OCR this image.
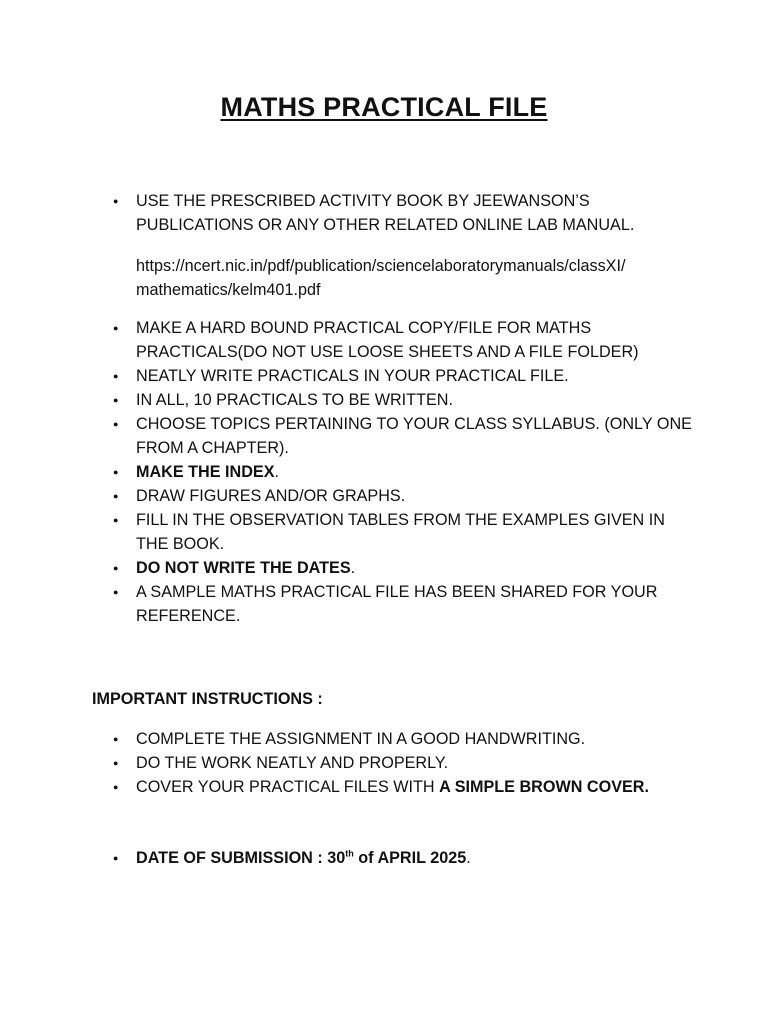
MATHS PRACTICAL FILE
● USE THE PRESCRIBED ACTIVITY BOOK BY JEEWANSON’S PUBLICATIONS OR ANY OTHER RELATED ONLINE LAB MANUAL.

https://ncert.nic.in/pdf/publication/sciencelaboratorymanuals/classXI/
mathematics/kelm401.pdf

● MAKE A HARD BOUND PRACTICAL COPY/FILE FOR MATHS PRACTICALS(DO NOT USE LOOSE SHEETS AND A FILE FOLDER)
● NEATLY WRITE PRACTICALS IN YOUR PRACTICAL FILE.
● IN ALL, 10 PRACTICALS TO BE WRITTEN.
● CHOOSE TOPICS PERTAINING TO YOUR CLASS SYLLABUS. (ONLY ONE FROM A CHAPTER).
● MAKE THE INDEX.
● DRAW FIGURES AND/OR GRAPHS.
● FILL IN THE OBSERVATION TABLES FROM THE EXAMPLES GIVEN IN THE BOOK.
● DO NOT WRITE THE DATES.
● A SAMPLE MATHS PRACTICAL FILE HAS BEEN SHARED FOR YOUR REFERENCE.

IMPORTANT INSTRUCTIONS :

● COMPLETE THE ASSIGNMENT IN A GOOD HANDWRITING.
● DO THE WORK NEATLY AND PROPERLY.
● COVER YOUR PRACTICAL FILES WITH A SIMPLE BROWN COVER.
● DATE OF SUBMISSION : 30th of APRIL 2025.
